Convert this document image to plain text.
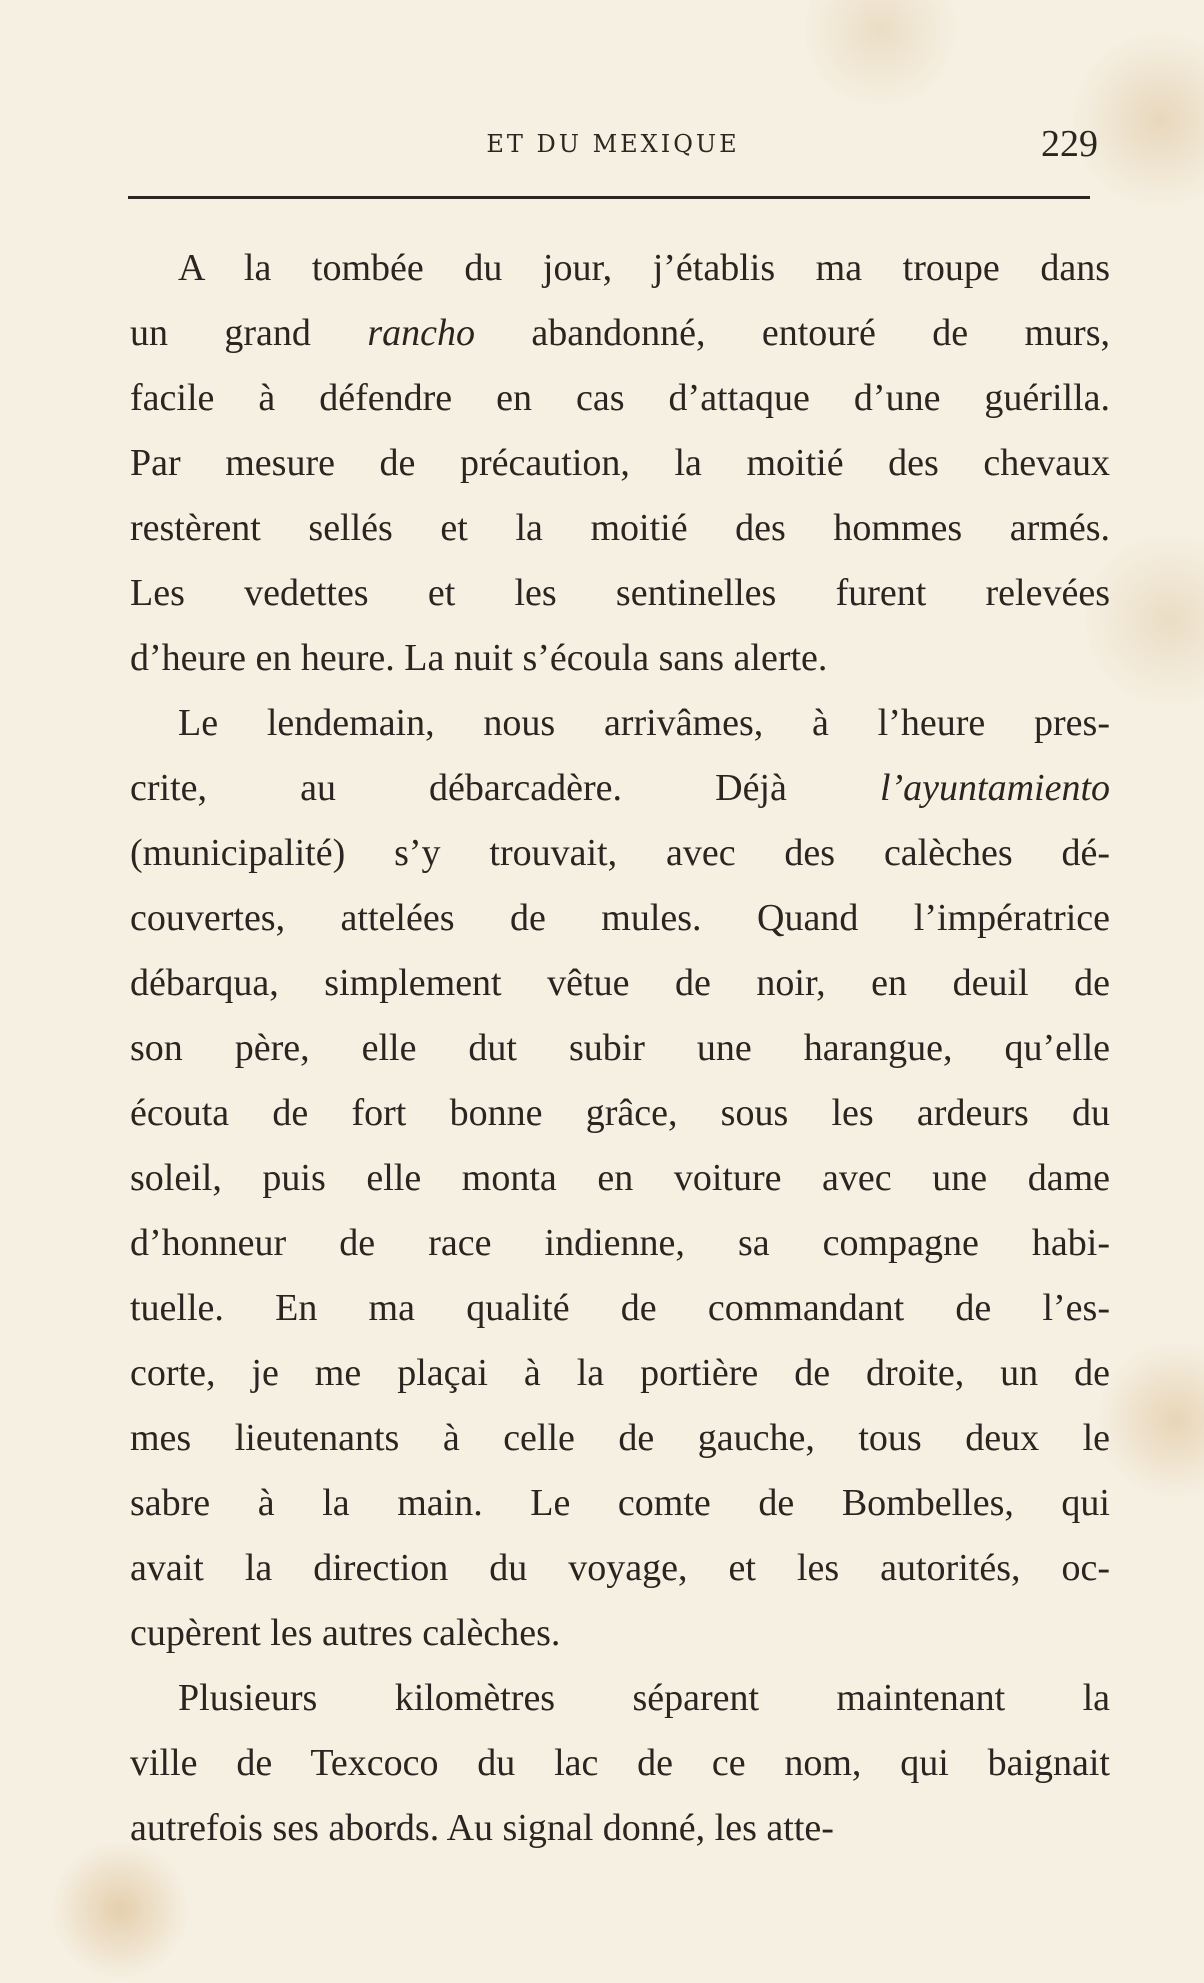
ET DU MEXIQUE	229
A la tombée du jour, j’établis ma troupe dans
un grand rancho abandonné, entouré de murs,
facile à défendre en cas d’attaque d’une guérilla.
Par mesure de précaution, la moitié des chevaux
restèrent sellés et la moitié des hommes armés.
Les vedettes et les sentinelles furent relevées
d’heure en heure. La nuit s’écoula sans alerte.
Le lendemain, nous arrivâmes, à l’heure pres-
crite, au débarcadère. Déjà l’ayuntamiento
(municipalité) s’y trouvait, avec des calèches dé-
couvertes, attelées de mules. Quand l’impératrice
débarqua, simplement vêtue de noir, en deuil de
son père, elle dut subir une harangue, qu’elle
écouta de fort bonne grâce, sous les ardeurs du
soleil, puis elle monta en voiture avec une dame
d’honneur de race indienne, sa compagne habi-
tuelle. En ma qualité de commandant de l’es-
corte, je me plaçai à la portière de droite, un de
mes lieutenants à celle de gauche, tous deux le
sabre à la main. Le comte de Bombelles, qui
avait la direction du voyage, et les autorités, oc-
cupèrent les autres calèches.
Plusieurs kilomètres séparent maintenant la
ville de Texcoco du lac de ce nom, qui baignait
autrefois ses abords. Au signal donné, les atte-
